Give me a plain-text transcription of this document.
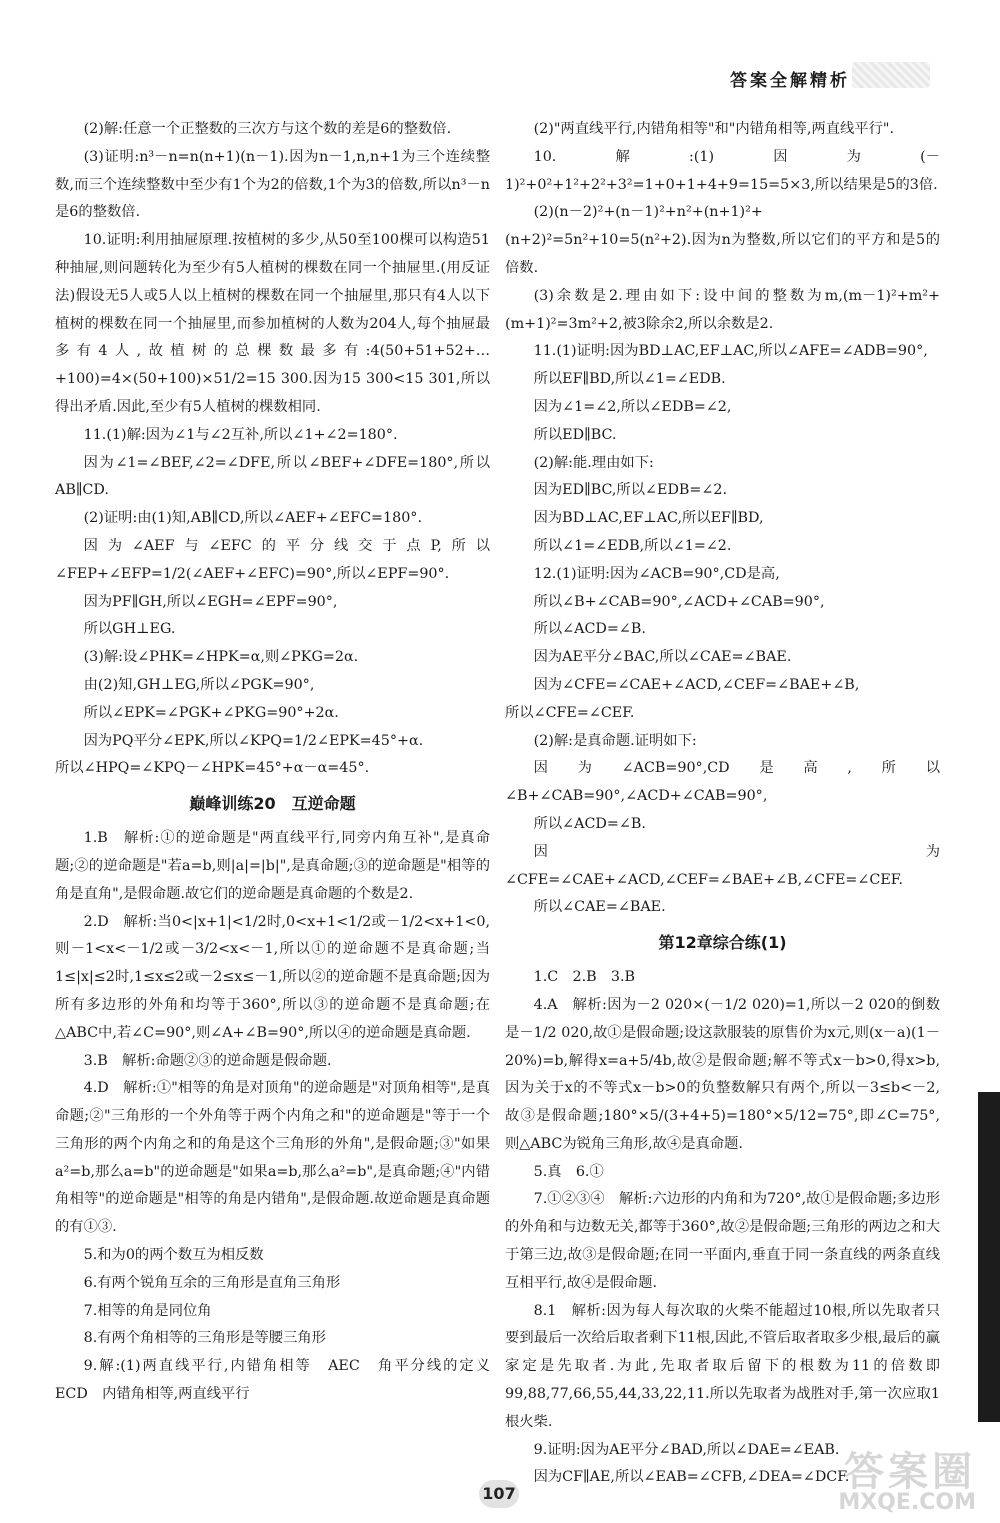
答案全解精析

(2)解:任意一个正整数的三次方与这个数的差是6的整数倍.

(3)证明:n³－n=n(n+1)(n－1).因为n－1,n,n+1为三个连续整数,而三个连续整数中至少有1个为2的倍数,1个为3的倍数,所以n³－n是6的整数倍.

10.证明:利用抽屉原理.按植树的多少,从50至100棵可以构造51种抽屉,则问题转化为至少有5人植树的棵数在同一个抽屉里.(用反证法)假设无5人或5人以上植树的棵数在同一个抽屉里,那只有4人以下植树的棵数在同一个抽屉里,而参加植树的人数为204人,每个抽屉最多有4人,故植树的总棵数最多有:4(50+51+52+…+100)=4×(50+100)×51/2=15 300.因为15 300<15 301,所以得出矛盾.因此,至少有5人植树的棵数相同.

11.(1)解:因为∠1与∠2互补,所以∠1+∠2=180°.

因为∠1=∠BEF,∠2=∠DFE,所以∠BEF+∠DFE=180°,所以AB∥CD.

(2)证明:由(1)知,AB∥CD,所以∠AEF+∠EFC=180°.

因为∠AEF与∠EFC的平分线交于点P,所以∠FEP+∠EFP=1/2(∠AEF+∠EFC)=90°,所以∠EPF=90°.

因为PF∥GH,所以∠EGH=∠EPF=90°,

所以GH⊥EG.

(3)解:设∠PHK=∠HPK=α,则∠PKG=2α.

由(2)知,GH⊥EG,所以∠PGK=90°,

所以∠EPK=∠PGK+∠PKG=90°+2α.

因为PQ平分∠EPK,所以∠KPQ=1/2∠EPK=45°+α.

所以∠HPQ=∠KPQ－∠HPK=45°+α－α=45°.

巅峰训练20　互逆命题

1.B　解析:①的逆命题是"两直线平行,同旁内角互补",是真命题;②的逆命题是"若a=b,则|a|=|b|",是真命题;③的逆命题是"相等的角是直角",是假命题.故它们的逆命题是真命题的个数是2.

2.D　解析:当0<|x+1|<1/2时,0<x+1<1/2或－1/2<x+1<0,则－1<x<－1/2或－3/2<x<－1,所以①的逆命题不是真命题;当1≤|x|≤2时,1≤x≤2或－2≤x≤－1,所以②的逆命题不是真命题;因为所有多边形的外角和均等于360°,所以③的逆命题不是真命题;在△ABC中,若∠C=90°,则∠A+∠B=90°,所以④的逆命题是真命题.

3.B　解析:命题②③的逆命题是假命题.

4.D　解析:①"相等的角是对顶角"的逆命题是"对顶角相等",是真命题;②"三角形的一个外角等于两个内角之和"的逆命题是"等于一个三角形的两个内角之和的角是这个三角形的外角",是假命题;③"如果a²=b,那么a=b"的逆命题是"如果a=b,那么a²=b",是真命题;④"内错角相等"的逆命题是"相等的角是内错角",是假命题.故逆命题是真命题的有①③.

5.和为0的两个数互为相反数

6.有两个锐角互余的三角形是直角三角形

7.相等的角是同位角

8.有两个角相等的三角形是等腰三角形

9.解:(1)两直线平行,内错角相等　AEC　角平分线的定义　ECD　内错角相等,两直线平行

(2)"两直线平行,内错角相等"和"内错角相等,两直线平行".

10.解:(1)因为(－1)²+0²+1²+2²+3²=1+0+1+4+9=15=5×3,所以结果是5的3倍.

(2)(n－2)²+(n－1)²+n²+(n+1)²+(n+2)²=5n²+10=5(n²+2).因为n为整数,所以它们的平方和是5的倍数.

(3)余数是2.理由如下:设中间的整数为m,(m－1)²+m²+(m+1)²=3m²+2,被3除余2,所以余数是2.

11.(1)证明:因为BD⊥AC,EF⊥AC,所以∠AFE=∠ADB=90°,

所以EF∥BD,所以∠1=∠EDB.

因为∠1=∠2,所以∠EDB=∠2,

所以ED∥BC.

(2)解:能.理由如下:

因为ED∥BC,所以∠EDB=∠2.

因为BD⊥AC,EF⊥AC,所以EF∥BD,

所以∠1=∠EDB,所以∠1=∠2.

12.(1)证明:因为∠ACB=90°,CD是高,

所以∠B+∠CAB=90°,∠ACD+∠CAB=90°,

所以∠ACD=∠B.

因为AE平分∠BAC,所以∠CAE=∠BAE.

因为∠CFE=∠CAE+∠ACD,∠CEF=∠BAE+∠B,

所以∠CFE=∠CEF.

(2)解:是真命题.证明如下:

因为∠ACB=90°,CD是高,所以∠B+∠CAB=90°,∠ACD+∠CAB=90°,

所以∠ACD=∠B.

因为∠CFE=∠CAE+∠ACD,∠CEF=∠BAE+∠B,∠CFE=∠CEF.

所以∠CAE=∠BAE.

第12章综合练(1)

1.C　2.B　3.B

4.A　解析:因为－2 020×(－1/2 020)=1,所以－2 020的倒数是－1/2 020,故①是假命题;设这款服装的原售价为x元,则(x－a)(1－20%)=b,解得x=a+5/4b,故②是假命题;解不等式x－b>0,得x>b,因为关于x的不等式x－b>0的负整数解只有两个,所以－3≤b<－2,故③是假命题;180°×5/(3+4+5)=180°×5/12=75°,即∠C=75°,则△ABC为锐角三角形,故④是真命题.

5.真　6.①

7.①②③④　解析:六边形的内角和为720°,故①是假命题;多边形的外角和与边数无关,都等于360°,故②是假命题;三角形的两边之和大于第三边,故③是假命题;在同一平面内,垂直于同一条直线的两条直线互相平行,故④是假命题.

8.1　解析:因为每人每次取的火柴不能超过10根,所以先取者只要到最后一次给后取者剩下11根,因此,不管后取者取多少根,最后的赢家定是先取者.为此,先取者取后留下的根数为11的倍数即99,88,77,66,55,44,33,22,11.所以先取者为战胜对手,第一次应取1根火柴.

9.证明:因为AE平分∠BAD,所以∠DAE=∠EAB.

因为CF∥AE,所以∠EAB=∠CFB,∠DEA=∠DCF.

107	答案圈
MXQE.COM
